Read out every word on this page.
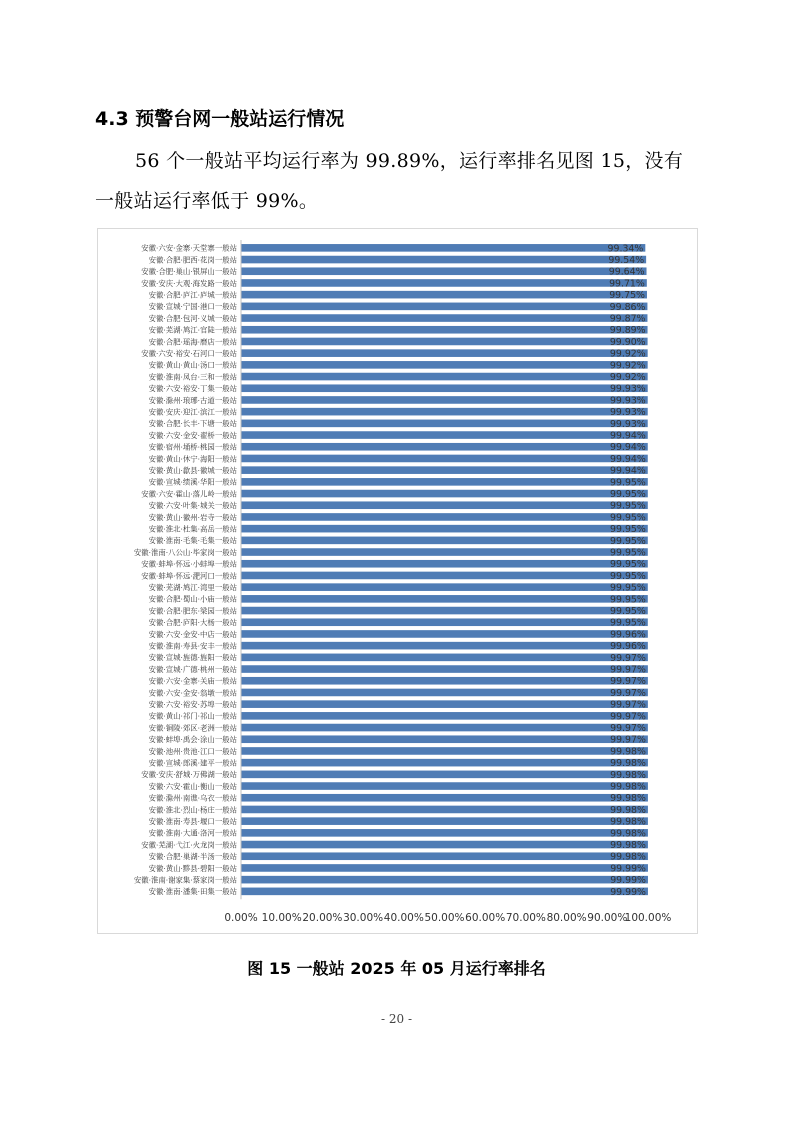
4.3 预警台网一般站运行情况
56 个一般站平均运行率为 99.89%，运行率排名见图 15，没有
一般站运行率低于 99%。
安徽·六安·金寨·天堂寨一般站	99.34%
安徽·合肥·肥西·花岗一般站	99.54%
安徽·合肥·巢山·银屏山一般站	99.64%
安徽·安庆·大观·海发路一般站	99.71%
安徽·合肥·庐江·庐城一般站	99.75%
安徽·宣城·宁国·港口一般站	99.86%
安徽·合肥·包河·义城一般站	99.87%
安徽·芜湖·鸠江·官陡一般站	99.89%
安徽·合肥·瑶海·磨店一般站	99.90%
安徽·六安·裕安·石河口一般站	99.92%
安徽·黄山·黄山·汤口一般站	99.92%
安徽·淮南·凤台·三和一般站	99.92%
安徽·六安·裕安·丁集一般站	99.93%
安徽·滁州·琅琊·古道一般站	99.93%
安徽·安庆·迎江·滨江一般站	99.93%
安徽·合肥·长丰·下塘一般站	99.93%
安徽·六安·金安·翟桥一般站	99.94%
安徽·宿州·埇桥·桃园一般站	99.94%
安徽·黄山·休宁·海阳一般站	99.94%
安徽·黄山·歙县·徽城一般站	99.94%
安徽·宣城·绩溪·华阳一般站	99.95%
安徽·六安·霍山·落儿岭一般站	99.95%
安徽·六安·叶集·城关一般站	99.95%
安徽·黄山·徽州·岩寺一般站	99.95%
安徽·淮北·杜集·高岳一般站	99.95%
安徽·淮南·毛集·毛集一般站	99.95%
安徽·淮南·八公山·毕家岗一般站	99.95%
安徽·蚌埠·怀远·小蚌埠一般站	99.95%
安徽·蚌埠·怀远·淝河口一般站	99.95%
安徽·芜湖·鸠江·湾里一般站	99.95%
安徽·合肥·蜀山·小庙一般站	99.95%
安徽·合肥·肥东·梁园一般站	99.95%
安徽·合肥·庐阳·大杨一般站	99.95%
安徽·六安·金安·中店一般站	99.96%
安徽·淮南·寿县·安丰一般站	99.96%
安徽·宣城·旌德·旌阳一般站	99.97%
安徽·宣城·广德·桃州一般站	99.97%
安徽·六安·金寨·关庙一般站	99.97%
安徽·六安·金安·翁墩一般站	99.97%
安徽·六安·裕安·苏埠一般站	99.97%
安徽·黄山·祁门·祁山一般站	99.97%
安徽·铜陵·郊区·老洲一般站	99.97%
安徽·蚌埠·禹会·涂山一般站	99.97%
安徽·池州·贵池·江口一般站	99.98%
安徽·宣城·郎溪·建平一般站	99.98%
安徽·安庆·舒城·万佛湖一般站	99.98%
安徽·六安·霍山·衡山一般站	99.98%
安徽·滁州·南谯·乌衣一般站	99.98%
安徽·淮北·烈山·杨庄一般站	99.98%
安徽·淮南·寿县·堰口一般站	99.98%
安徽·淮南·大通·洛河一般站	99.98%
安徽·芜湖·弋江·火龙岗一般站	99.98%
安徽·合肥·巢湖·半汤一般站	99.98%
安徽·黄山·黟县·碧阳一般站	99.99%
安徽·淮南·谢家集·蔡家岗一般站	99.99%
安徽·淮南·潘集·田集一般站	99.99%
0.00% 10.00% 20.00% 30.00% 40.00% 50.00% 60.00% 70.00% 80.00% 90.00%
100.00%
图 15 一般站 2025 年 05 月运行率排名
- 20 -
